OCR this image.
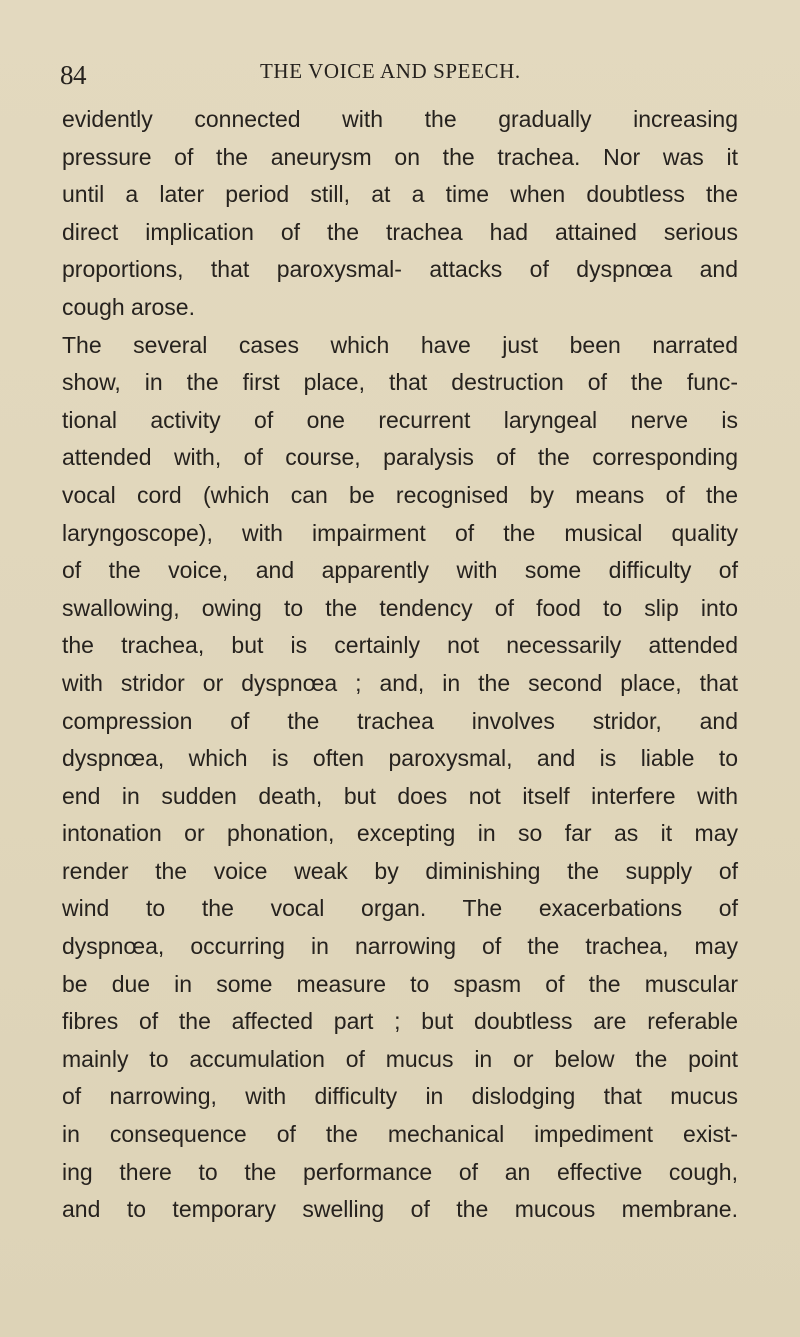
84	THE VOICE AND SPEECH.
evidently connected with the gradually increasing
pressure of the aneurysm on the trachea. Nor was it
until a later period still, at a time when doubtless the
direct implication of the trachea had attained serious
proportions, that paroxysmal- attacks of dyspnœa and
cough arose.
The several cases which have just been narrated
show, in the first place, that destruction of the func-
tional activity of one recurrent laryngeal nerve is
attended with, of course, paralysis of the corresponding
vocal cord (which can be recognised by means of the
laryngoscope), with impairment of the musical quality
of the voice, and apparently with some difficulty of
swallowing, owing to the tendency of food to slip into
the trachea, but is certainly not necessarily attended
with stridor or dyspnœa ; and, in the second place, that
compression of the trachea involves stridor, and
dyspnœa, which is often paroxysmal, and is liable to
end in sudden death, but does not itself interfere with
intonation or phonation, excepting in so far as it may
render the voice weak by diminishing the supply of
wind to the vocal organ. The exacerbations of
dyspnœa, occurring in narrowing of the trachea, may
be due in some measure to spasm of the muscular
fibres of the affected part ; but doubtless are referable
mainly to accumulation of mucus in or below the point
of narrowing, with difficulty in dislodging that mucus
in consequence of the mechanical impediment exist-
ing there to the performance of an effective cough,
and to temporary swelling of the mucous membrane.
